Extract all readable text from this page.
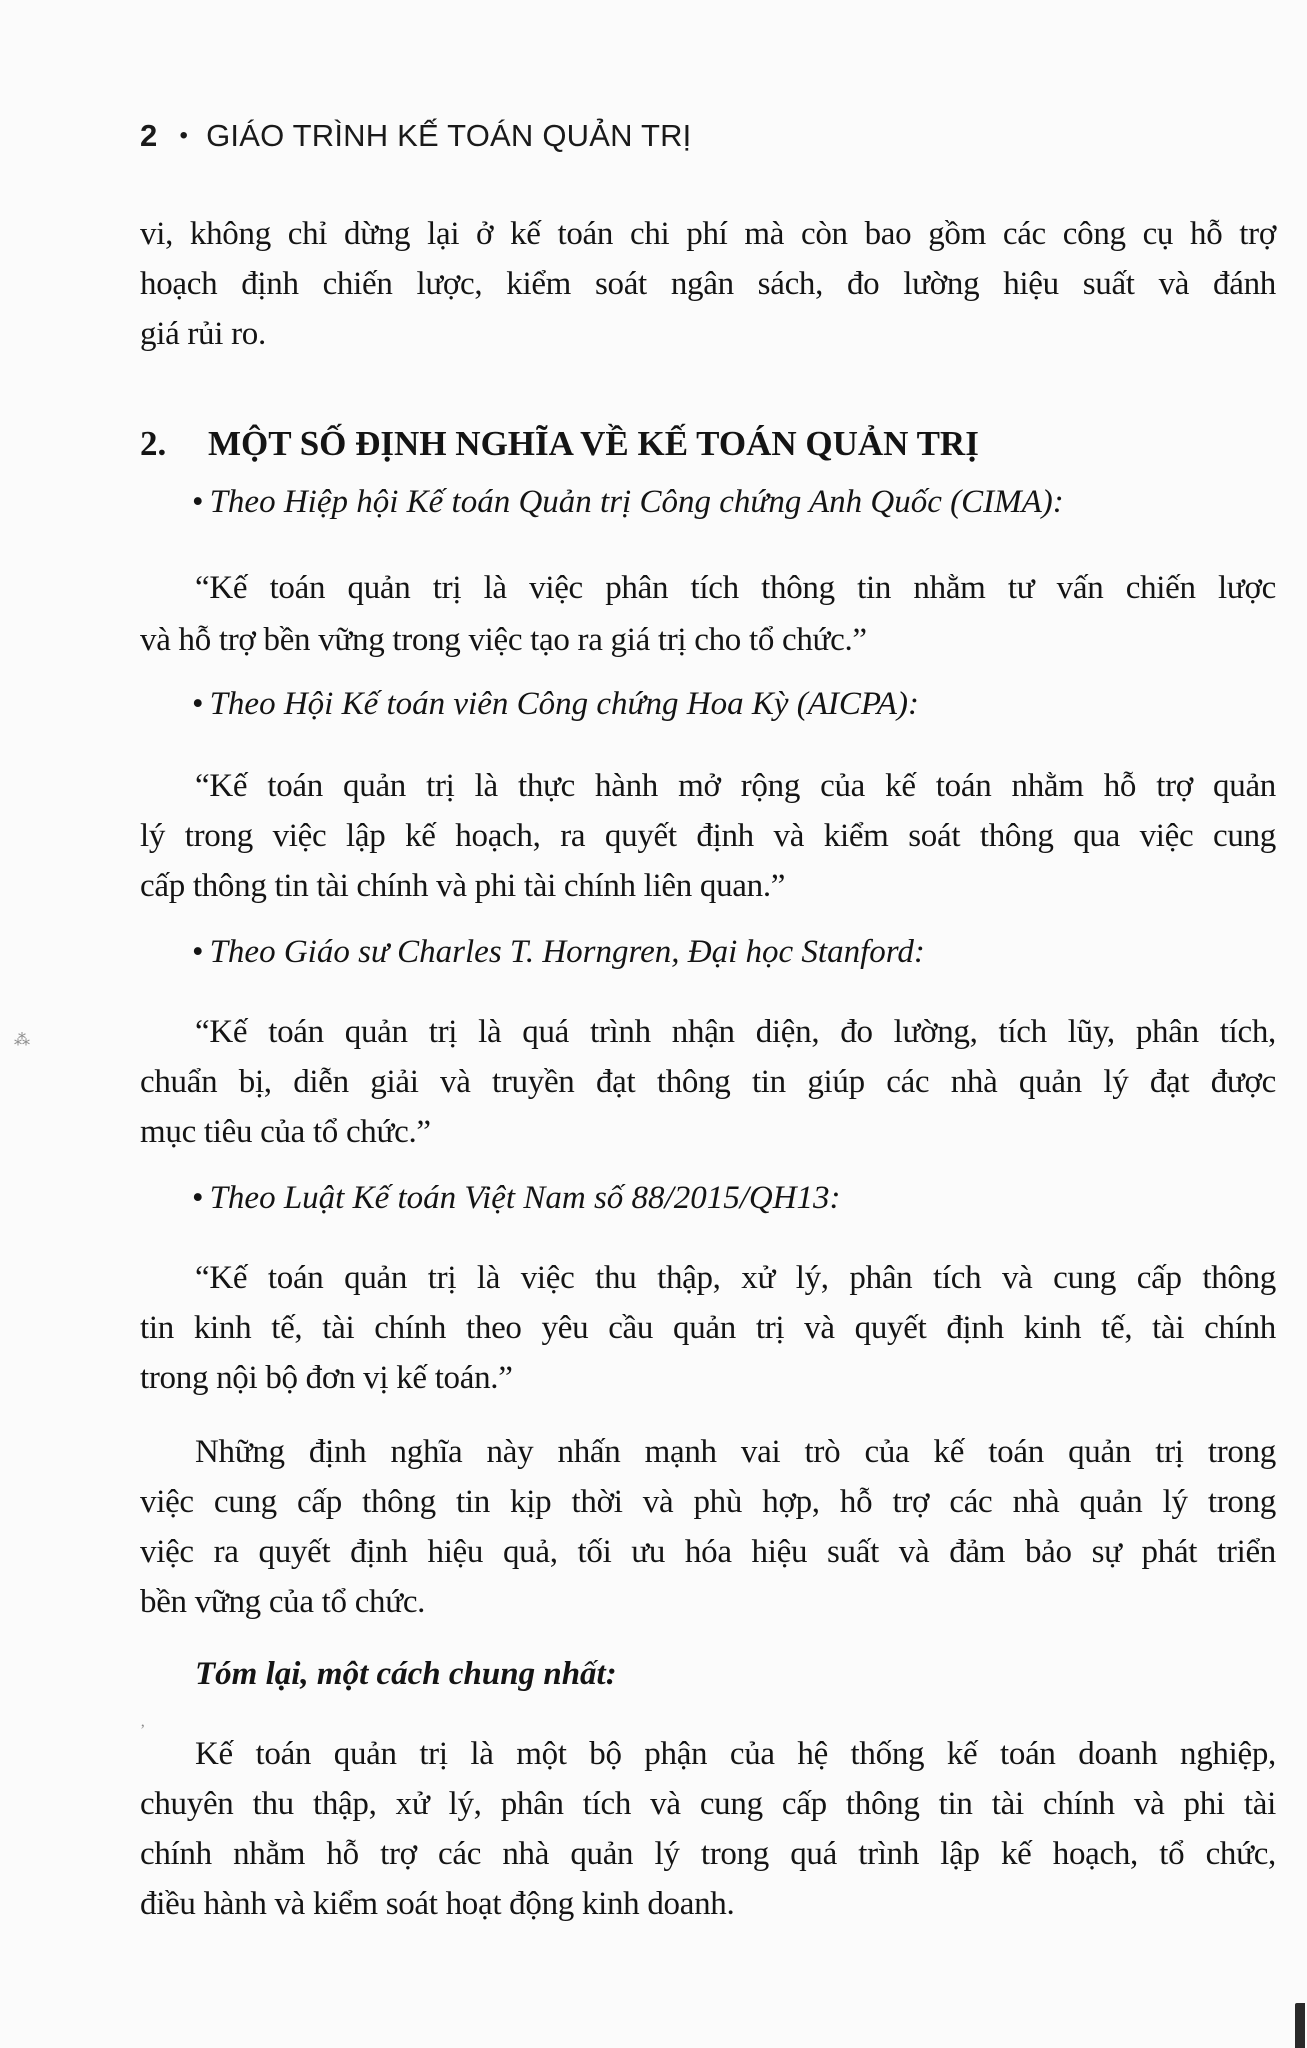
2 • GIÁO TRÌNH KẾ TOÁN QUẢN TRỊ
vi, không chỉ dừng lại ở kế toán chi phí mà còn bao gồm các công cụ hỗ trợ
hoạch định chiến lược, kiểm soát ngân sách, đo lường hiệu suất và đánh
giá rủi ro.
2. MỘT SỐ ĐỊNH NGHĨA VỀ KẾ TOÁN QUẢN TRỊ
• Theo Hiệp hội Kế toán Quản trị Công chứng Anh Quốc (CIMA):
“Kế toán quản trị là việc phân tích thông tin nhằm tư vấn chiến lược
và hỗ trợ bền vững trong việc tạo ra giá trị cho tổ chức.”
• Theo Hội Kế toán viên Công chứng Hoa Kỳ (AICPA):
“Kế toán quản trị là thực hành mở rộng của kế toán nhằm hỗ trợ quản
lý trong việc lập kế hoạch, ra quyết định và kiểm soát thông qua việc cung
cấp thông tin tài chính và phi tài chính liên quan.”
• Theo Giáo sư Charles T. Horngren, Đại học Stanford:
“Kế toán quản trị là quá trình nhận diện, đo lường, tích lũy, phân tích,
chuẩn bị, diễn giải và truyền đạt thông tin giúp các nhà quản lý đạt được
mục tiêu của tổ chức.”
• Theo Luật Kế toán Việt Nam số 88/2015/QH13:
“Kế toán quản trị là việc thu thập, xử lý, phân tích và cung cấp thông
tin kinh tế, tài chính theo yêu cầu quản trị và quyết định kinh tế, tài chính
trong nội bộ đơn vị kế toán.”
Những định nghĩa này nhấn mạnh vai trò của kế toán quản trị trong
việc cung cấp thông tin kịp thời và phù hợp, hỗ trợ các nhà quản lý trong
việc ra quyết định hiệu quả, tối ưu hóa hiệu suất và đảm bảo sự phát triển
bền vững của tổ chức.
Tóm lại, một cách chung nhất:
Kế toán quản trị là một bộ phận của hệ thống kế toán doanh nghiệp,
chuyên thu thập, xử lý, phân tích và cung cấp thông tin tài chính và phi tài
chính nhằm hỗ trợ các nhà quản lý trong quá trình lập kế hoạch, tổ chức,
điều hành và kiểm soát hoạt động kinh doanh.
⁂
ʼ
